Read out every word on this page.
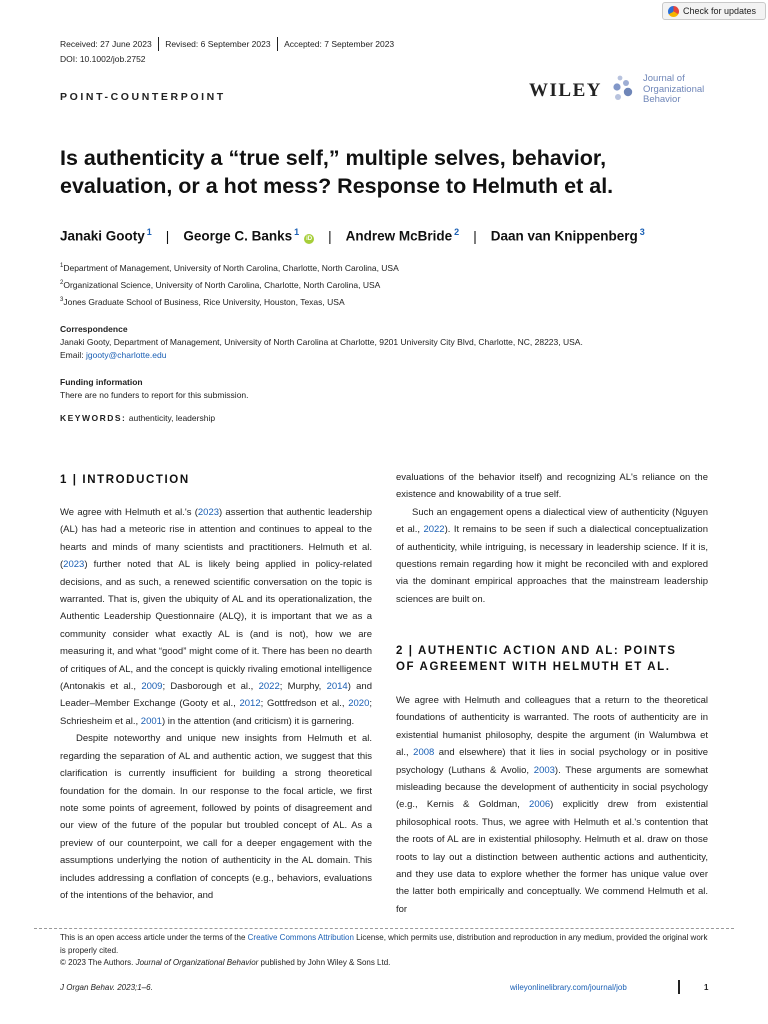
Check for updates
Received: 27 June 2023 Revised: 6 September 2023 Accepted: 7 September 2023
DOI: 10.1002/job.2752
POINT-COUNTERPOINT	WILEY
Journal of
Organizational
Behavior
Is authenticity a “true self,” multiple selves, behavior,
evaluation, or a hot mess? Response to Helmuth et al.
Janaki Gooty $^1$ | George C. Banks $^1$iD | Andrew McBride $^2$ | Daan van Knippenberg $^3$
$^1$Department of Management, University of North Carolina, Charlotte, North Carolina, USA
$^2$Organizational Science, University of North Carolina, Charlotte, North Carolina, USA
$^3$Jones Graduate School of Business, Rice University, Houston, Texas, USA
Correspondence
Janaki Gooty, Department of Management, University of North Carolina at Charlotte, 9201 University City Blvd, Charlotte, NC, 28223, USA.
Email: jgooty@charlotte.edu
Funding information
There are no funders to report for this submission.
KEYWORDS: authenticity, leadership
1 | INTRODUCTION
2 | AUTHENTIC ACTION AND AL: POINTS
OF AGREEMENT WITH HELMUTH ET AL.

We agree with Helmuth et al.'s (2023) assertion that authentic leadership (AL) has had a meteoric rise in attention and continues to appeal to the hearts and minds of many scientists and practitioners. Helmuth et al. (2023) further noted that AL is likely being applied in policy-related decisions, and as such, a renewed scientific conversation on the topic is warranted. That is, given the ubiquity of AL and its operationalization, the Authentic Leadership Questionnaire (ALQ), it is important that we as a community consider what exactly AL is (and is not), how we are measuring it, and what “good” might come of it. There has been no dearth of critiques of AL, and the concept is quickly rivaling emotional intelligence (Antonakis et al., 2009; Dasborough et al., 2022; Murphy, 2014) and Leader–Member Exchange (Gooty et al., 2012; Gottfredson et al., 2020; Schriesheim et al., 2001) in the attention (and criticism) it is garnering.

Despite noteworthy and unique new insights from Helmuth et al. regarding the separation of AL and authentic action, we suggest that this clarification is currently insufficient for building a strong theoretical foundation for the domain. In our response to the focal article, we first note some points of agreement, followed by points of disagreement and our view of the future of the popular but troubled concept of AL. As a preview of our counterpoint, we call for a deeper engagement with the assumptions underlying the notion of authenticity in the AL domain. This includes addressing a conflation of concepts (e.g., behaviors, evaluations of the intentions of the behavior, and

evaluations of the behavior itself) and recognizing AL's reliance on the existence and knowability of a true self.

Such an engagement opens a dialectical view of authenticity (Nguyen et al., 2022). It remains to be seen if such a dialectical conceptualization of authenticity, while intriguing, is necessary in leadership science. If it is, questions remain regarding how it might be reconciled with and explored via the dominant empirical approaches that the mainstream leadership sciences are built on.

We agree with Helmuth and colleagues that a return to the theoretical foundations of authenticity is warranted. The roots of authenticity are in existential humanist philosophy, despite the argument (in Walumbwa et al., 2008 and elsewhere) that it lies in social psychology or in positive psychology (Luthans & Avolio, 2003). These arguments are somewhat misleading because the development of authenticity in social psychology (e.g., Kernis & Goldman, 2006) explicitly drew from existential philosophical roots. Thus, we agree with Helmuth et al.'s contention that the roots of AL are in existential philosophy. Helmuth et al. draw on those roots to lay out a distinction between authentic actions and authenticity, and they use data to explore whether the former has unique value over the latter both empirically and conceptually. We commend Helmuth et al. for

This is an open access article under the terms of the Creative Commons Attribution License, which permits use, distribution and reproduction in any medium, provided the original work is properly cited.
© 2023 The Authors. Journal of Organizational Behavior published by John Wiley & Sons Ltd.
J Organ Behav. 2023;1–6.	wileyonlinelibrary.com/journal/job	1
